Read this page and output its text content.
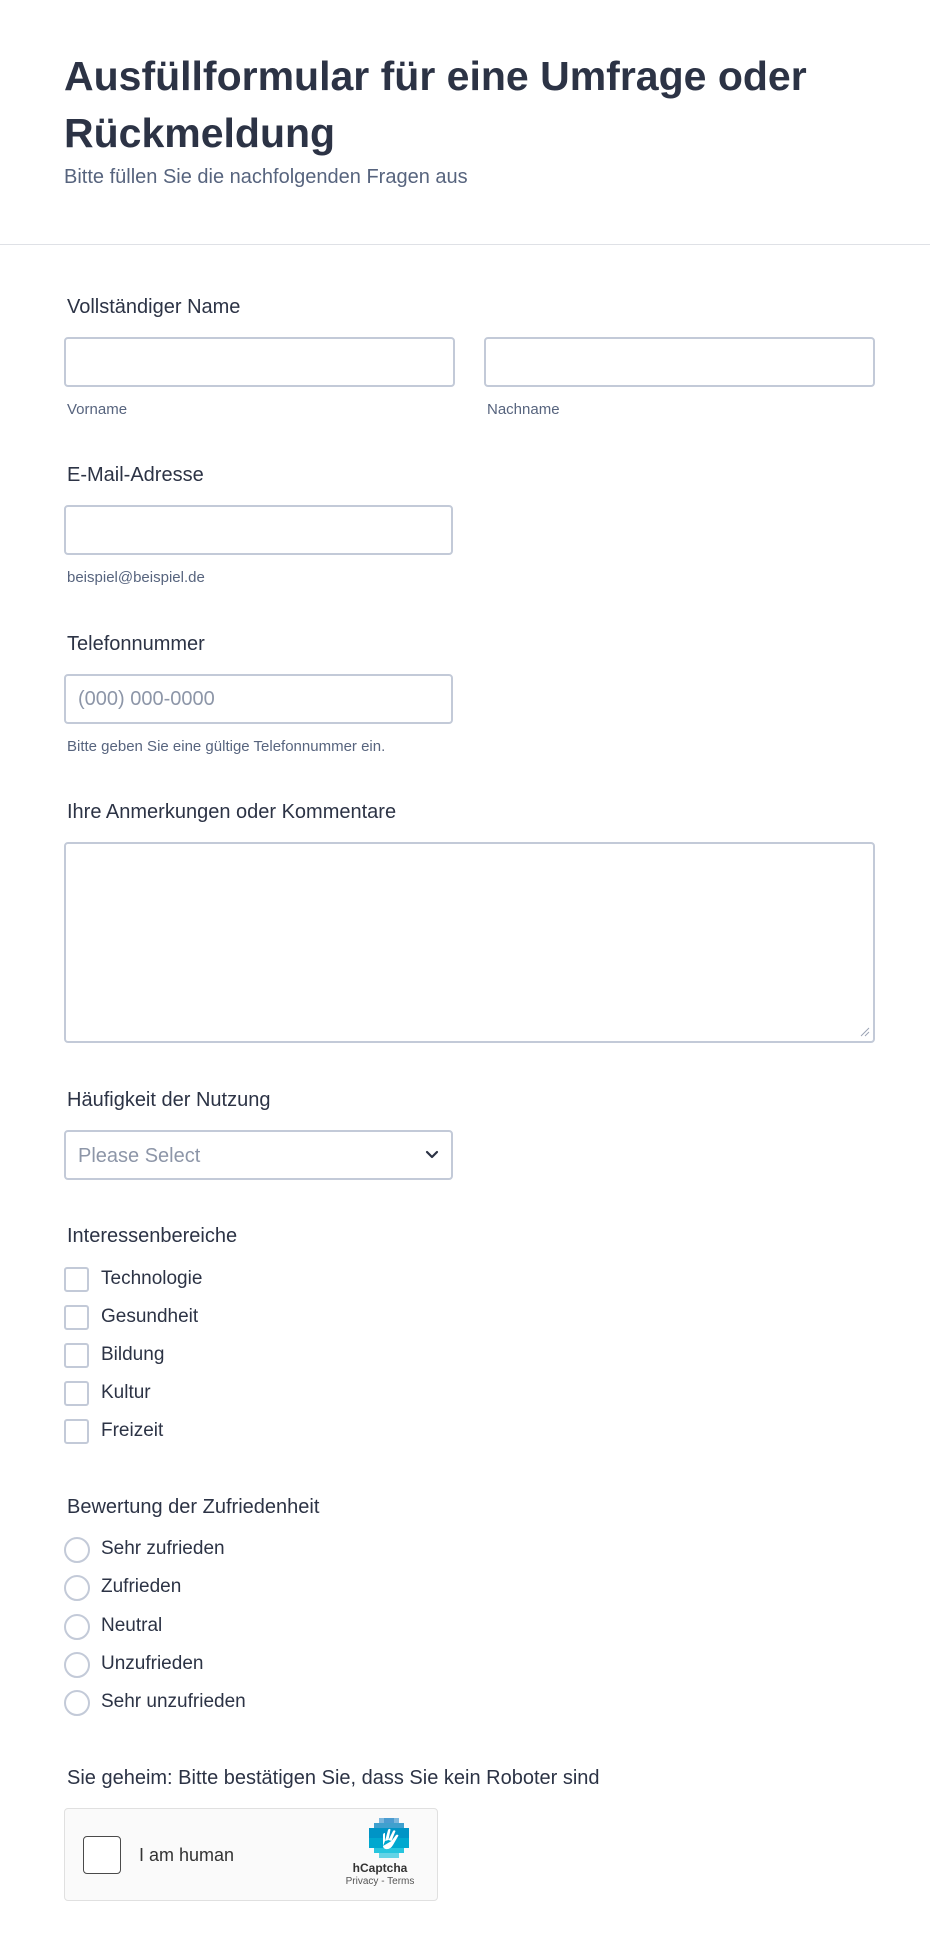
Ausfüllformular für eine Umfrage oder Rückmeldung
Bitte füllen Sie die nachfolgenden Fragen aus
Vollständiger Name
Vorname	Nachname
E-Mail-Adresse
beispiel@beispiel.de
Telefonnummer
(000) 000-0000
Bitte geben Sie eine gültige Telefonnummer ein.
Ihre Anmerkungen oder Kommentare
Häufigkeit der Nutzung
Please Select
Interessenbereiche
Technologie
Gesundheit
Bildung
Kultur
Freizeit
Bewertung der Zufriedenheit
Sehr zufrieden
Zufrieden
Neutral
Unzufrieden
Sehr unzufrieden
Sie geheim: Bitte bestätigen Sie, dass Sie kein Roboter sind
I am human
hCaptcha
Privacy - Terms
